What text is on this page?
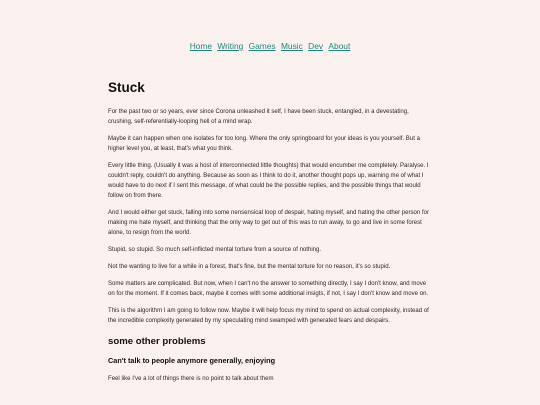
Home Writing Games Music Dev About
Stuck

For the past two or so years, ever since Corona unleashed it self, I have been stuck, entangled, in a devestating, crushing, self-referentially-looping hell of a mind wrap.

Maybe it can happen when one isolates for too long. Where the only springboard for your ideas is you yourself. But a higher level you, at least, that's what you think.

Every little thing. (Usually it was a host of interconnected little thoughts) that would encumber me completely. Paralyse. I couldn't reply, couldn't do anything. Because as soon as I think to do it, another thought pops up, warning me of what I would have to do next if I sent this message, of what could be the possible replies, and the possible things that would follow on from there.

And I would either get stuck, falling into some nensensical loop of despair, hating myself, and hating the other person for making me hate myself, and thinking that the only way to get out of this was to run away, to go and live in some forest alone, to resign from the world.

Stupid, so stupid. So much self-inflicted mental torture from a source of nothing.

Not the wanting to live for a while in a forest, that's fine, but the mental torture for no reason, it's so stupid.

Some matters are complicated. But now, when I can't no the answer to something directly, I say I don't know, and move on for the moment. If it comes back, maybe it comes with some additional insigts, if not, I say I don't know and move on.

This is the algorithm I am going to follow now. Maybe it will help focus my mind to spend on actual complexity, instead of the incredible complexity generated by my speculating mind swamped with generated fears and despairs.

some other problems
Can't talk to people anymore generally, enjoying

Feel like I've a lot of things there is no point to talk about them
